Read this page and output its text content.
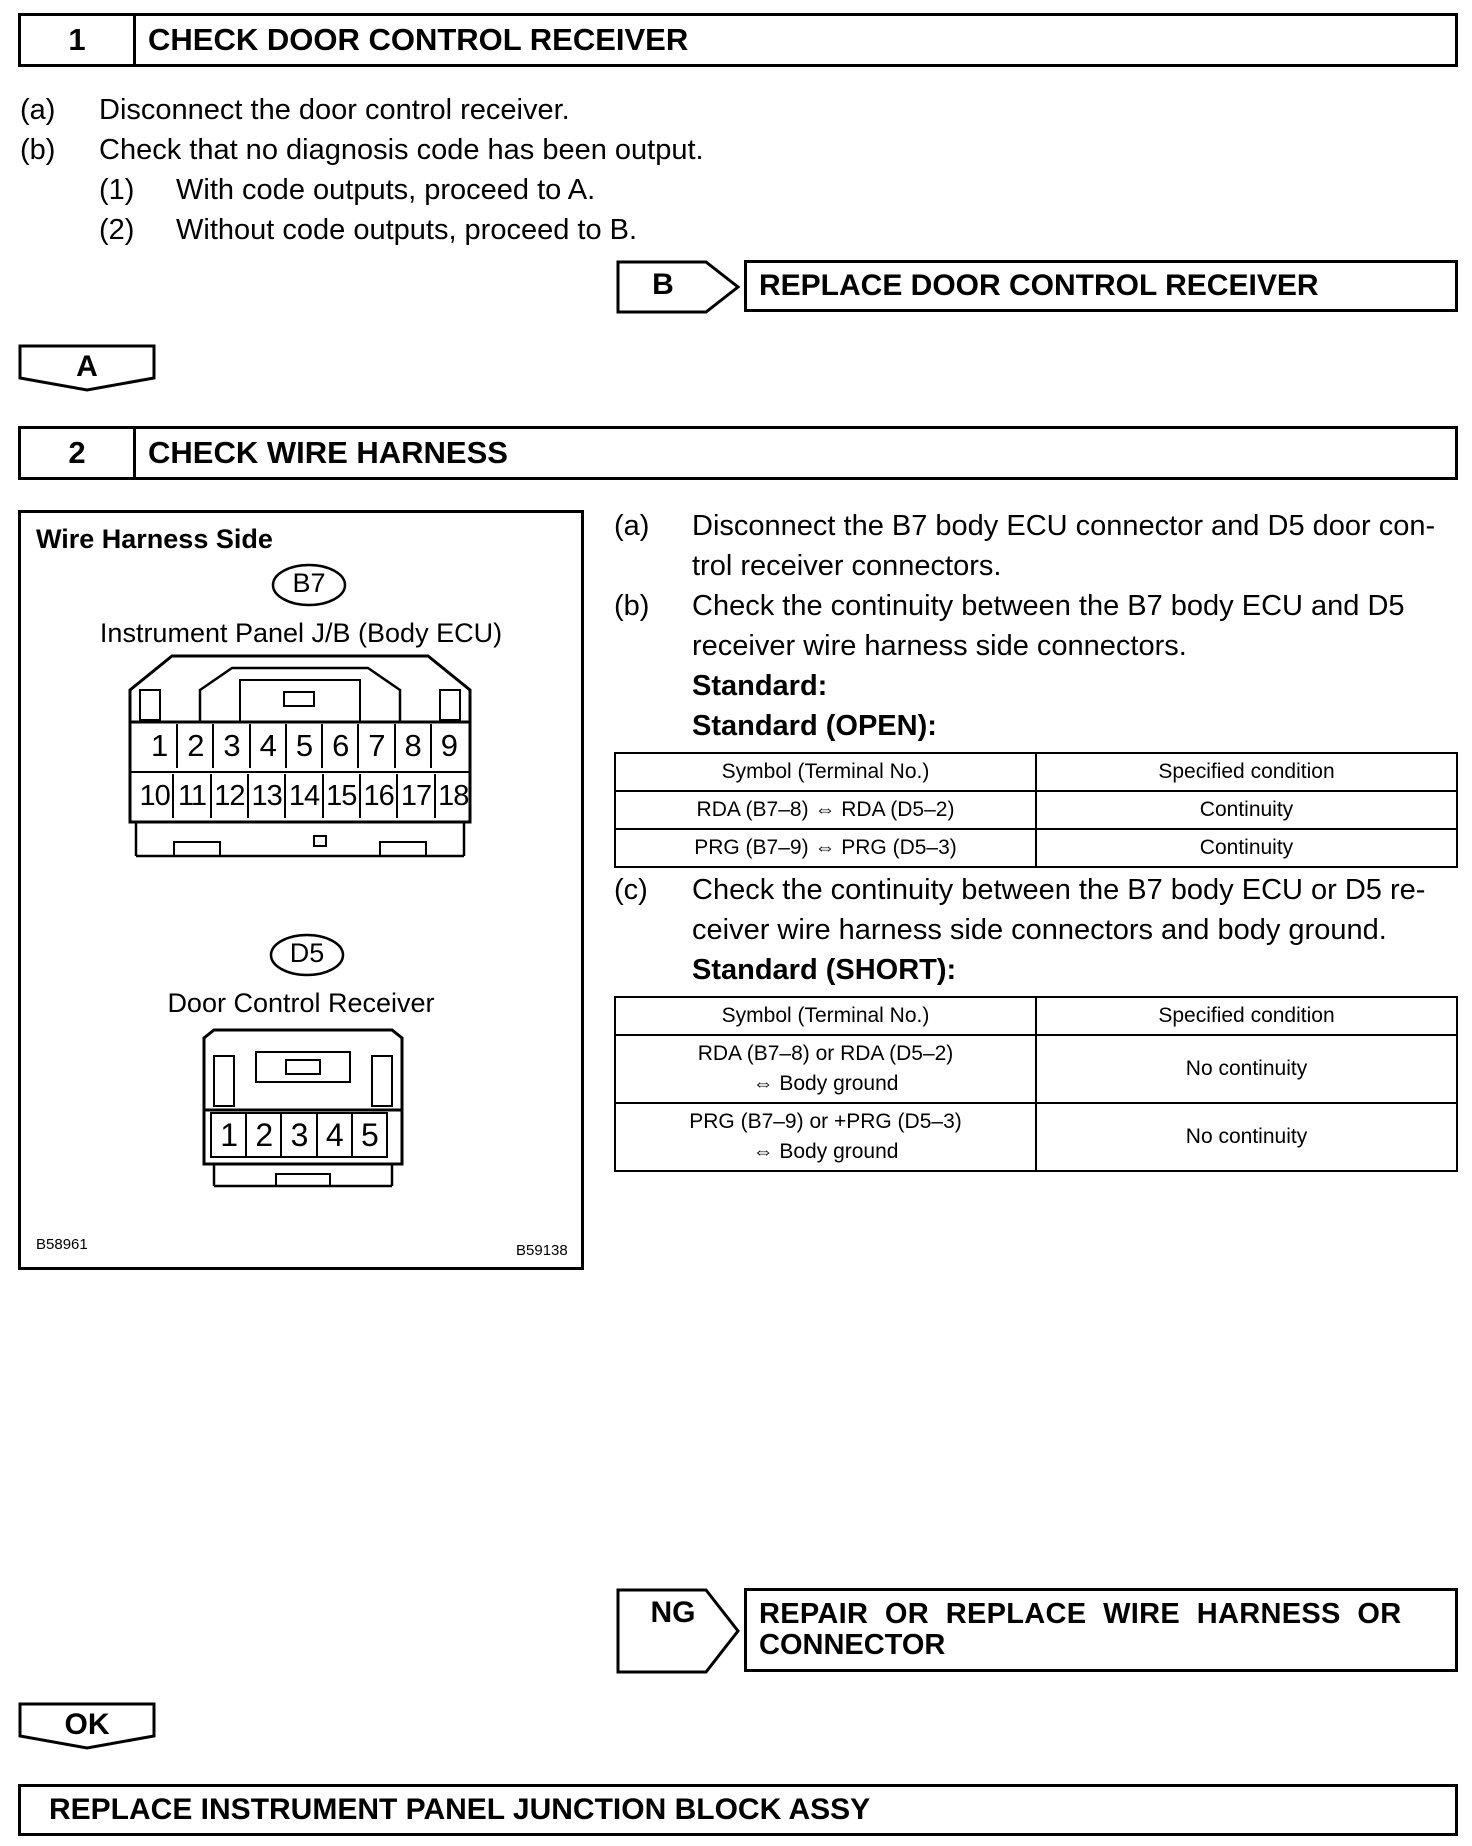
1	CHECK DOOR CONTROL RECEIVER
(a) Disconnect the door control receiver.
(b) Check that no diagnosis code has been output.
(1) With code outputs, proceed to A.
(2) Without code outputs, proceed to B.
B	REPLACE DOOR CONTROL RECEIVER
A
2	CHECK WIRE HARNESS
Wire Harness Side
B7
Instrument Panel J/B (Body ECU)
1 2 3 4 5 6 7 8 9
10 11 12 13 14 15 16 17 18
D5
Door Control Receiver
1 2 3 4 5
B58961	B59138
(a) Disconnect the B7 body ECU connector and D5 door con-
trol receiver connectors.
(b) Check the continuity between the B7 body ECU and D5
receiver wire harness side connectors.
Standard:
Standard (OPEN):
Symbol (Terminal No.)	Specified condition
RDA (B7–8) ⇔ RDA (D5–2)	Continuity
PRG (B7–9) ⇔ PRG (D5–3)	Continuity
(c) Check the continuity between the B7 body ECU or D5 re-
ceiver wire harness side connectors and body ground.
Standard (SHORT):
Symbol (Terminal No.)	Specified condition

RDA (B7–8) or RDA (D5–2)
⇔ Body ground	No continuity

PRG (B7–9) or +PRG (D5–3)
⇔ Body ground	No continuity
NG	REPAIR  OR  REPLACE  WIRE  HARNESS  OR
CONNECTOR
OK
REPLACE INSTRUMENT PANEL JUNCTION BLOCK ASSY
